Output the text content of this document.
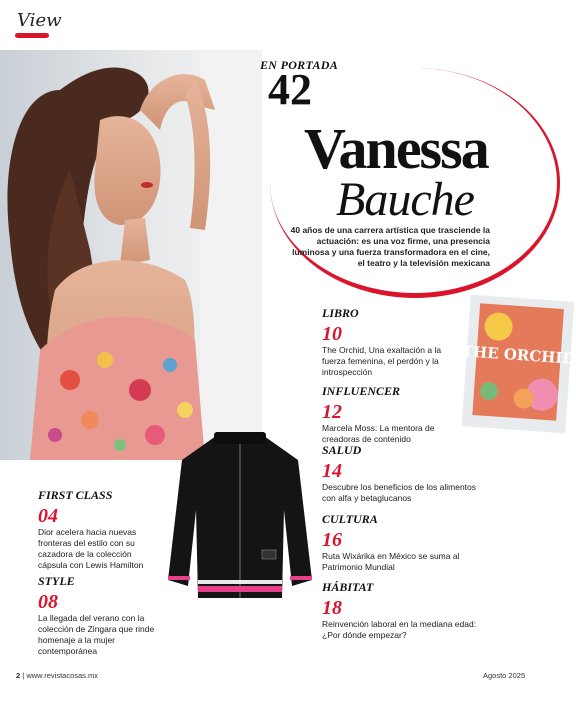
View
EN PORTADA
42
Vanessa
Bauche
40 años de una carrera artística que trasciende la actuación: es una voz firme, una presencia luminosa y una fuerza transformadora en el cine, el teatro y la televisión mexicana
THE ORCHID
LIBRO
10
The Orchid, Una exaltación a la fuerza femenina, el perdón y la introspección
INFLUENCER
12
Marcela Moss: La mentora de creadoras de contenido
SALUD
14
Descubre los beneficios de los alimentos con alfa y betaglucanos
CULTURA
16
Ruta Wixárika en México se suma al Patrimonio Mundial
HÁBITAT
18
Reinvención laboral en la mediana edad: ¿Por dónde empezar?
FIRST CLASS
04
Dior acelera hacia nuevas fronteras del estilo con su cazadora de la colección cápsula con Lewis Hamilton
STYLE
08
La llegada del verano con la colección de Zingara que rinde homenaje a la mujer contemporánea
2 | www.revistacosas.mx	Agosto 2025
